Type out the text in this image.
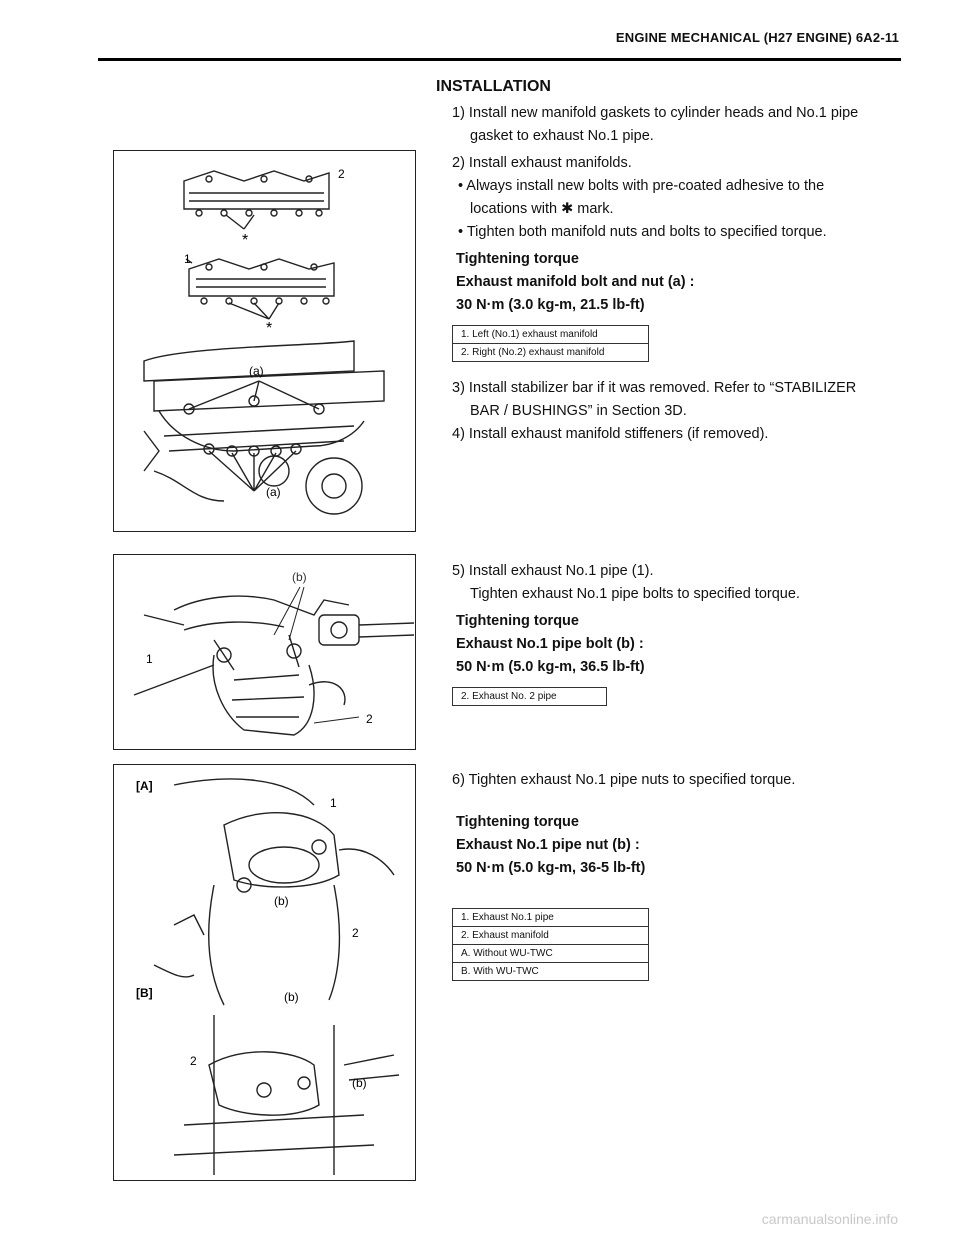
ENGINE MECHANICAL (H27 ENGINE) 6A2-11
INSTALLATION
1) Install new manifold gaskets to cylinder heads and No.1 pipe
gasket to exhaust No.1 pipe.
2
1
*
*
(a)
(a)
2) Install exhaust manifolds.
• Always install new bolts with pre-coated adhesive to the
locations with ✱ mark.
• Tighten both manifold nuts and bolts to specified torque.
Tightening torque
Exhaust manifold bolt and nut (a) :
30 N·m (3.0 kg-m, 21.5 lb-ft)
1. Left (No.1) exhaust manifold
2. Right (No.2) exhaust manifold
3) Install stabilizer bar if it was removed. Refer to “STABILIZER
BAR / BUSHINGS” in Section 3D.
4) Install exhaust manifold stiffeners (if removed).
(b)
1
2
5) Install exhaust No.1 pipe (1).
Tighten exhaust No.1 pipe bolts to specified torque.
Tightening torque
Exhaust No.1 pipe bolt (b) :
50 N·m (5.0 kg-m, 36.5 lb-ft)
2. Exhaust No. 2 pipe
[A]
1
(b)
2
[B]	(b)
2
(b)
6) Tighten exhaust No.1 pipe nuts to specified torque.
Tightening torque
Exhaust No.1 pipe nut (b) :
50 N·m (5.0 kg-m, 36-5 lb-ft)
1. Exhaust No.1 pipe
2. Exhaust manifold
A. Without WU-TWC
B. With WU-TWC
carmanualsonline.info
